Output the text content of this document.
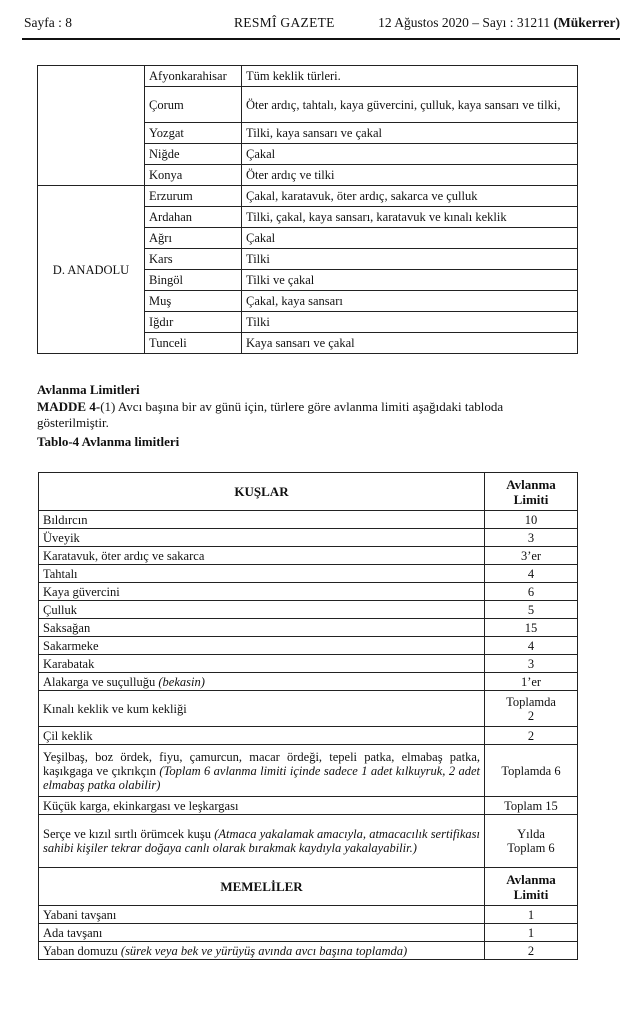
Sayfa : 8	RESMÎ GAZETE	12 Ağustos 2020 – Sayı : 31211 (Mükerrer)
	Afyonkarahisar	Tüm keklik türleri.
	Çorum	Öter ardıç, tahtalı, kaya güvercini, çulluk, kaya sansarı ve tilki,
	Yozgat	Tilki, kaya sansarı ve çakal
	Niğde	Çakal
	Konya	Öter ardıç ve tilki
D. ANADOLU	Erzurum	Çakal, karatavuk, öter ardıç, sakarca ve çulluk
	Ardahan	Tilki, çakal, kaya sansarı, karatavuk ve kınalı keklik
	Ağrı	Çakal
	Kars	Tilki
	Bingöl	Tilki ve çakal
	Muş	Çakal, kaya sansarı
	Iğdır	Tilki
	Tunceli	Kaya sansarı ve çakal
Avlanma Limitleri
MADDE 4-(1) Avcı başına bir av günü için, türlere göre avlanma limiti aşağıdaki tabloda gösterilmiştir.
Tablo-4 Avlanma limitleri
KUŞLAR	Avlanma
Limiti
Bıldırcın	10
Üveyik	3
Karatavuk, öter ardıç ve sakarca	3’er
Tahtalı	4
Kaya güvercini	6
Çulluk	5
Saksağan	15
Sakarmeke	4
Karabatak	3
Alakarga ve suçulluğu (bekasin)	1’er
Kınalı keklik ve kum kekliği	Toplamda
2
Çil keklik	2
Yeşilbaş, boz ördek, fiyu, çamurcun, macar ördeği, tepeli patka, elmabaş patka, kaşıkgaga ve çıkrıkçın (Toplam 6 avlanma limiti içinde sadece 1 adet kılkuyruk, 2 adet elmabaş patka olabilir)	Toplamda 6
Küçük karga, ekinkargası ve leşkargası	Toplam 15
Serçe ve kızıl sırtlı örümcek kuşu (Atmaca yakalamak amacıyla, atmacacılık sertifikası sahibi kişiler tekrar doğaya canlı olarak bırakmak kaydıyla yakalayabilir.)	Yılda
Toplam 6
MEMELİLER	Avlanma
Limiti
Yabani tavşanı	1
Ada tavşanı	1
Yaban domuzu (sürek veya bek ve yürüyüş avında avcı başına toplamda)	2
